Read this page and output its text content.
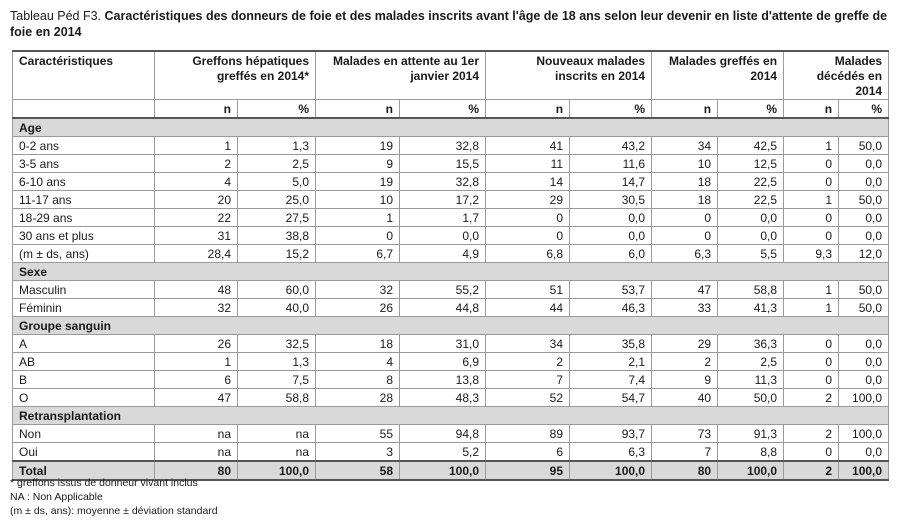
Tableau Péd F3. Caractéristiques des donneurs de foie et des malades inscrits avant l'âge de 18 ans selon leur devenir en liste d'attente de greffe de foie en 2014
Caractéristiques	Greffons hépatiques greffés en 2014*		Malades en attente au 1er janvier 2014		Nouveaux malades inscrits en 2014		Malades greffés en 2014		Malades décédés en 2014	
	n	%	n	%	n	%	n	%	n	%
Age										
0-2 ans	1	1,3	19	32,8	41	43,2	34	42,5	1	50,0
3-5 ans	2	2,5	9	15,5	11	11,6	10	12,5	0	0,0
6-10 ans	4	5,0	19	32,8	14	14,7	18	22,5	0	0,0
11-17 ans	20	25,0	10	17,2	29	30,5	18	22,5	1	50,0
18-29 ans	22	27,5	1	1,7	0	0,0	0	0,0	0	0,0
30 ans et plus	31	38,8	0	0,0	0	0,0	0	0,0	0	0,0
(m ± ds, ans)	28,4	15,2	6,7	4,9	6,8	6,0	6,3	5,5	9,3	12,0
Sexe										
Masculin	48	60,0	32	55,2	51	53,7	47	58,8	1	50,0
Féminin	32	40,0	26	44,8	44	46,3	33	41,3	1	50,0
Groupe sanguin										
A	26	32,5	18	31,0	34	35,8	29	36,3	0	0,0
AB	1	1,3	4	6,9	2	2,1	2	2,5	0	0,0
B	6	7,5	8	13,8	7	7,4	9	11,3	0	0,0
O	47	58,8	28	48,3	52	54,7	40	50,0	2	100,0
Retransplantation										
Non	na	na	55	94,8	89	93,7	73	91,3	2	100,0
Oui	na	na	3	5,2	6	6,3	7	8,8	0	0,0
Total	80	100,0	58	100,0	95	100,0	80	100,0	2	100,0
* greffons issus de donneur vivant inclus
NA : Non Applicable
(m ± ds, ans): moyenne ± déviation standard
